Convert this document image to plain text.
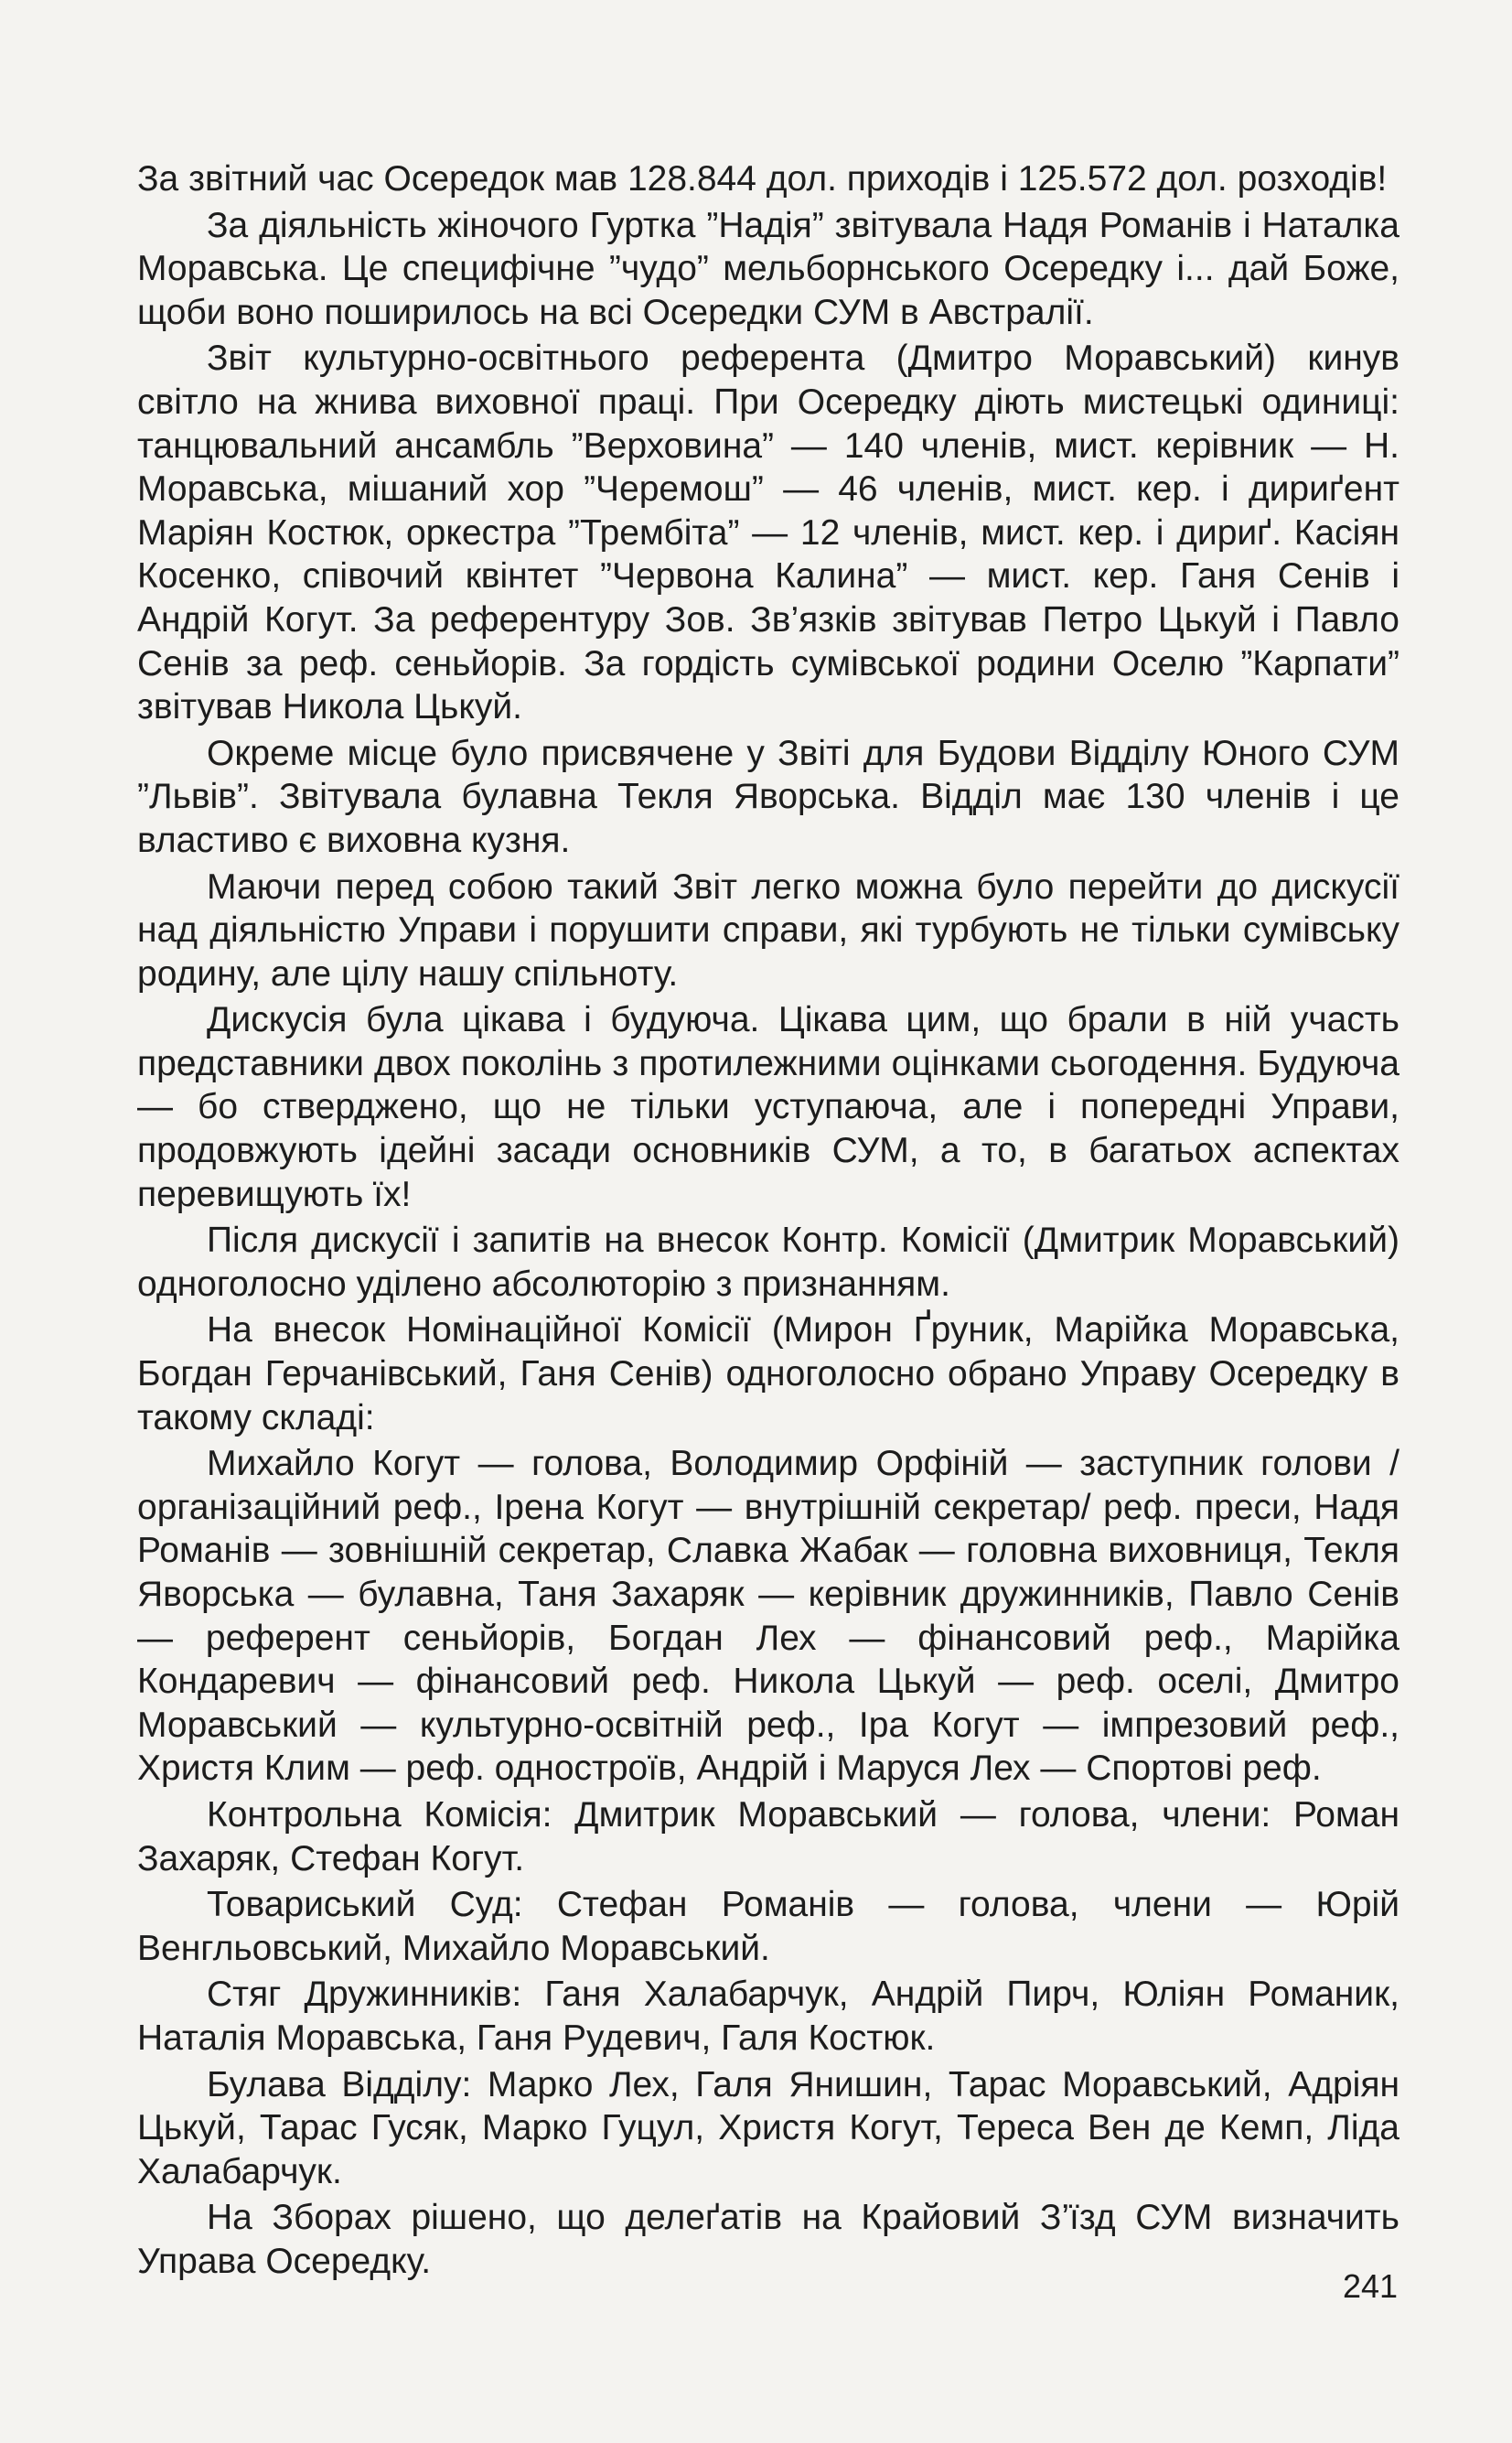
За звітний час Осередок мав 128.844 дол. приходів і 125.572 дол. розходів!

За діяльність жіночого Гуртка ”Надія” звітувала Надя Романів і Наталка Моравська. Це специфічне ”чудо” мельборнського Осередку і... дай Боже, щоби воно поширилось на всі Осередки СУМ в Австралії.

Звіт культурно-освітнього референта (Дмитро Моравський) кинув світло на жнива виховної праці. При Осередку діють мистецькі одиниці: танцювальний ансамбль ”Верховина” — 140 членів, мист. керівник — Н. Моравська, мішаний хор ”Черемош” — 46 членів, мист. кер. і дириґент Маріян Костюк, оркестра ”Трембіта” — 12 членів, мист. кер. і дириґ. Касіян Косенко, співочий квінтет ”Червона Калина” — мист. кер. Ганя Сенів і Андрій Когут. За референтуру Зов. Зв’язків звітував Петро Цькуй і Павло Сенів за реф. сеньйорів. За гордість сумівської родини Оселю ”Карпати” звітував Никола Цькуй.

Окреме місце було присвячене у Звіті для Будови Відділу Юного СУМ ”Львів”. Звітувала булавна Текля Яворська. Відділ має 130 членів і це властиво є виховна кузня.

Маючи перед собою такий Звіт легко можна було перейти до дискусії над діяльністю Управи і порушити справи, які турбують не тільки сумівську родину, але цілу нашу спільноту.

Дискусія була цікава і будуюча. Цікава цим, що брали в ній участь представники двох поколінь з протилежними оцінками сьогодення. Будуюча — бо стверджено, що не тільки уступаюча, але і попередні Управи, продовжують ідейні засади основників СУМ, а то, в багатьох аспектах перевищують їх!

Після дискусії і запитів на внесок Контр. Комісії (Дмитрик Моравський) одноголосно уділено абсолюторію з признанням.

На внесок Номінаційної Комісії (Мирон Ґруник, Марійка Моравська, Богдан Герчанівський, Ганя Сенів) одноголосно обрано Управу Осередку в такому складі:

Михайло Когут — голова, Володимир Орфіній — заступник голови /організаційний реф., Ірена Когут — внутрішній секретар/ реф. преси, Надя Романів — зовнішній секретар, Славка Жабак — головна виховниця, Текля Яворська — булавна, Таня Захаряк — керівник дружинників, Павло Сенів — референт сеньйорів, Богдан Лех — фінансовий реф., Марійка Кондаревич — фінансовий реф. Никола Цькуй — реф. оселі, Дмитро Моравський — культурно-освітній реф., Іра Когут — імпрезовий реф., Христя Клим — реф. одностроїв, Андрій і Маруся Лех — Спортові реф.

Контрольна Комісія: Дмитрик Моравський — голова, члени: Роман Захаряк, Стефан Когут.

Товариський Суд: Стефан Романів — голова, члени — Юрій Венгльовський, Михайло Моравський.

Стяг Дружинників: Ганя Халабарчук, Андрій Пирч, Юліян Романик, Наталія Моравська, Ганя Рудевич, Галя Костюк.

Булава Відділу: Марко Лех, Галя Янишин, Тарас Моравський, Адріян Цькуй, Тарас Гусяк, Марко Гуцул, Христя Когут, Тереса Вен де Кемп, Ліда Халабарчук.

На Зборах рішено, що делеґатів на Крайовий З’їзд СУМ визначить Управа Осередку.

241
